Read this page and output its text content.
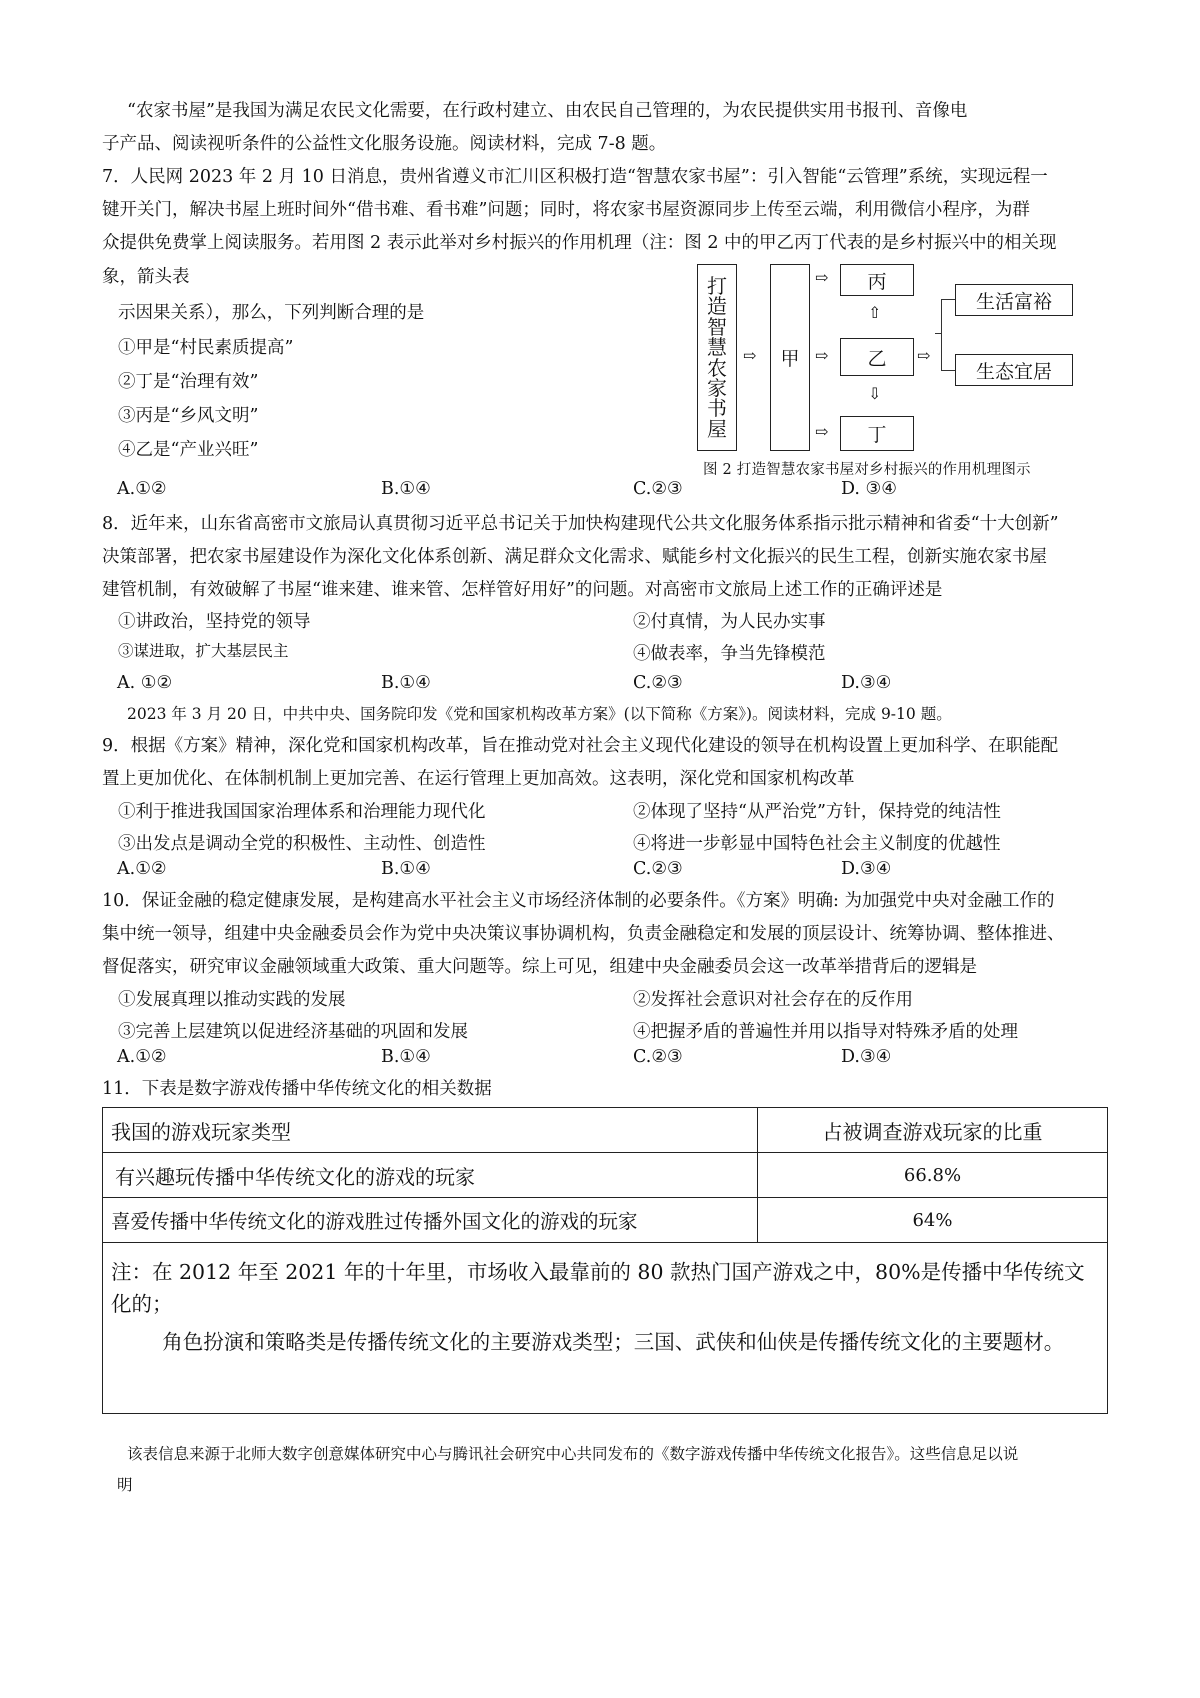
“农家书屋”是我国为满足农民文化需要，在行政村建立、由农民自己管理的，为农民提供实用书报刊、音像电
子产品、阅读视听条件的公益性文化服务设施。阅读材料，完成 7-8 题。
7．人民网 2023 年 2 月 10 日消息，贵州省遵义市汇川区积极打造“智慧农家书屋”：引入智能“云管理”系统，实现远程一
键开关门，解决书屋上班时间外“借书难、看书难”问题；同时，将农家书屋资源同步上传至云端，利用微信小程序，为群
众提供免费掌上阅读服务。若用图 2 表示此举对乡村振兴的作用机理（注：图 2 中的甲乙丙丁代表的是乡村振兴中的相关现
象，箭头表
示因果关系），那么，下列判断合理的是
①甲是“村民素质提高”
②丁是“治理有效”
③丙是“乡风文明”
④乙是“产业兴旺”
A.①②	B.①④	C.②③	D. ③④
打
造
智
慧
农
家
书
屋
⇨	甲
⇨
⇨
⇨
丙
⇧
乙
⇩
丁
⇨
生活富裕
生态宜居
图 2 打造智慧农家书屋对乡村振兴的作用机理图示
8．近年来，山东省高密市文旅局认真贯彻习近平总书记关于加快构建现代公共文化服务体系指示批示精神和省委“十大创新”
决策部署，把农家书屋建设作为深化文化体系创新、满足群众文化需求、赋能乡村文化振兴的民生工程，创新实施农家书屋
建管机制，有效破解了书屋“谁来建、谁来管、怎样管好用好”的问题。对高密市文旅局上述工作的正确评述是
①讲政治，坚持党的领导	②付真情，为人民办实事
③谋进取，扩大基层民主	④做表率，争当先锋模范
A. ①②	B.①④	C.②③	D.③④
2023 年 3 月 20 日，中共中央、国务院印发《党和国家机构改革方案》(以下简称《方案》)。阅读材料，完成 9-10 题。
9．根据《方案》精神，深化党和国家机构改革，旨在推动党对社会主义现代化建设的领导在机构设置上更加科学、在职能配
置上更加优化、在体制机制上更加完善、在运行管理上更加高效。这表明，深化党和国家机构改革
①利于推进我国国家治理体系和治理能力现代化	②体现了坚持“从严治党”方针，保持党的纯洁性
③出发点是调动全党的积极性、主动性、创造性	④将进一步彰显中国特色社会主义制度的优越性
A.①②	B.①④	C.②③	D.③④
10．保证金融的稳定健康发展，是构建高水平社会主义市场经济体制的必要条件。《方案》明确: 为加强党中央对金融工作的
集中统一领导，组建中央金融委员会作为党中央决策议事协调机构，负责金融稳定和发展的顶层设计、统筹协调、整体推进、
督促落实，研究审议金融领域重大政策、重大问题等。综上可见，组建中央金融委员会这一改革举措背后的逻辑是
①发展真理以推动实践的发展	②发挥社会意识对社会存在的反作用
③完善上层建筑以促进经济基础的巩固和发展	④把握矛盾的普遍性并用以指导对特殊矛盾的处理
A.①②	B.①④	C.②③	D.③④
11．下表是数字游戏传播中华传统文化的相关数据
我国的游戏玩家类型	占被调查游戏玩家的比重
有兴趣玩传播中华传统文化的游戏的玩家	66.8%
喜爱传播中华传统文化的游戏胜过传播外国文化的游戏的玩家	64%

注：在 2012 年至 2021 年的十年里，市场收入最靠前的 80 款热门国产游戏之中，80%是传播中华传统文化的；

角色扮演和策略类是传播传统文化的主要游戏类型；三国、武侠和仙侠是传播传统文化的主要题材。	

该表信息来源于北师大数字创意媒体研究中心与腾讯社会研究中心共同发布的《数字游戏传播中华传统文化报告》。这些信息足以说
明
